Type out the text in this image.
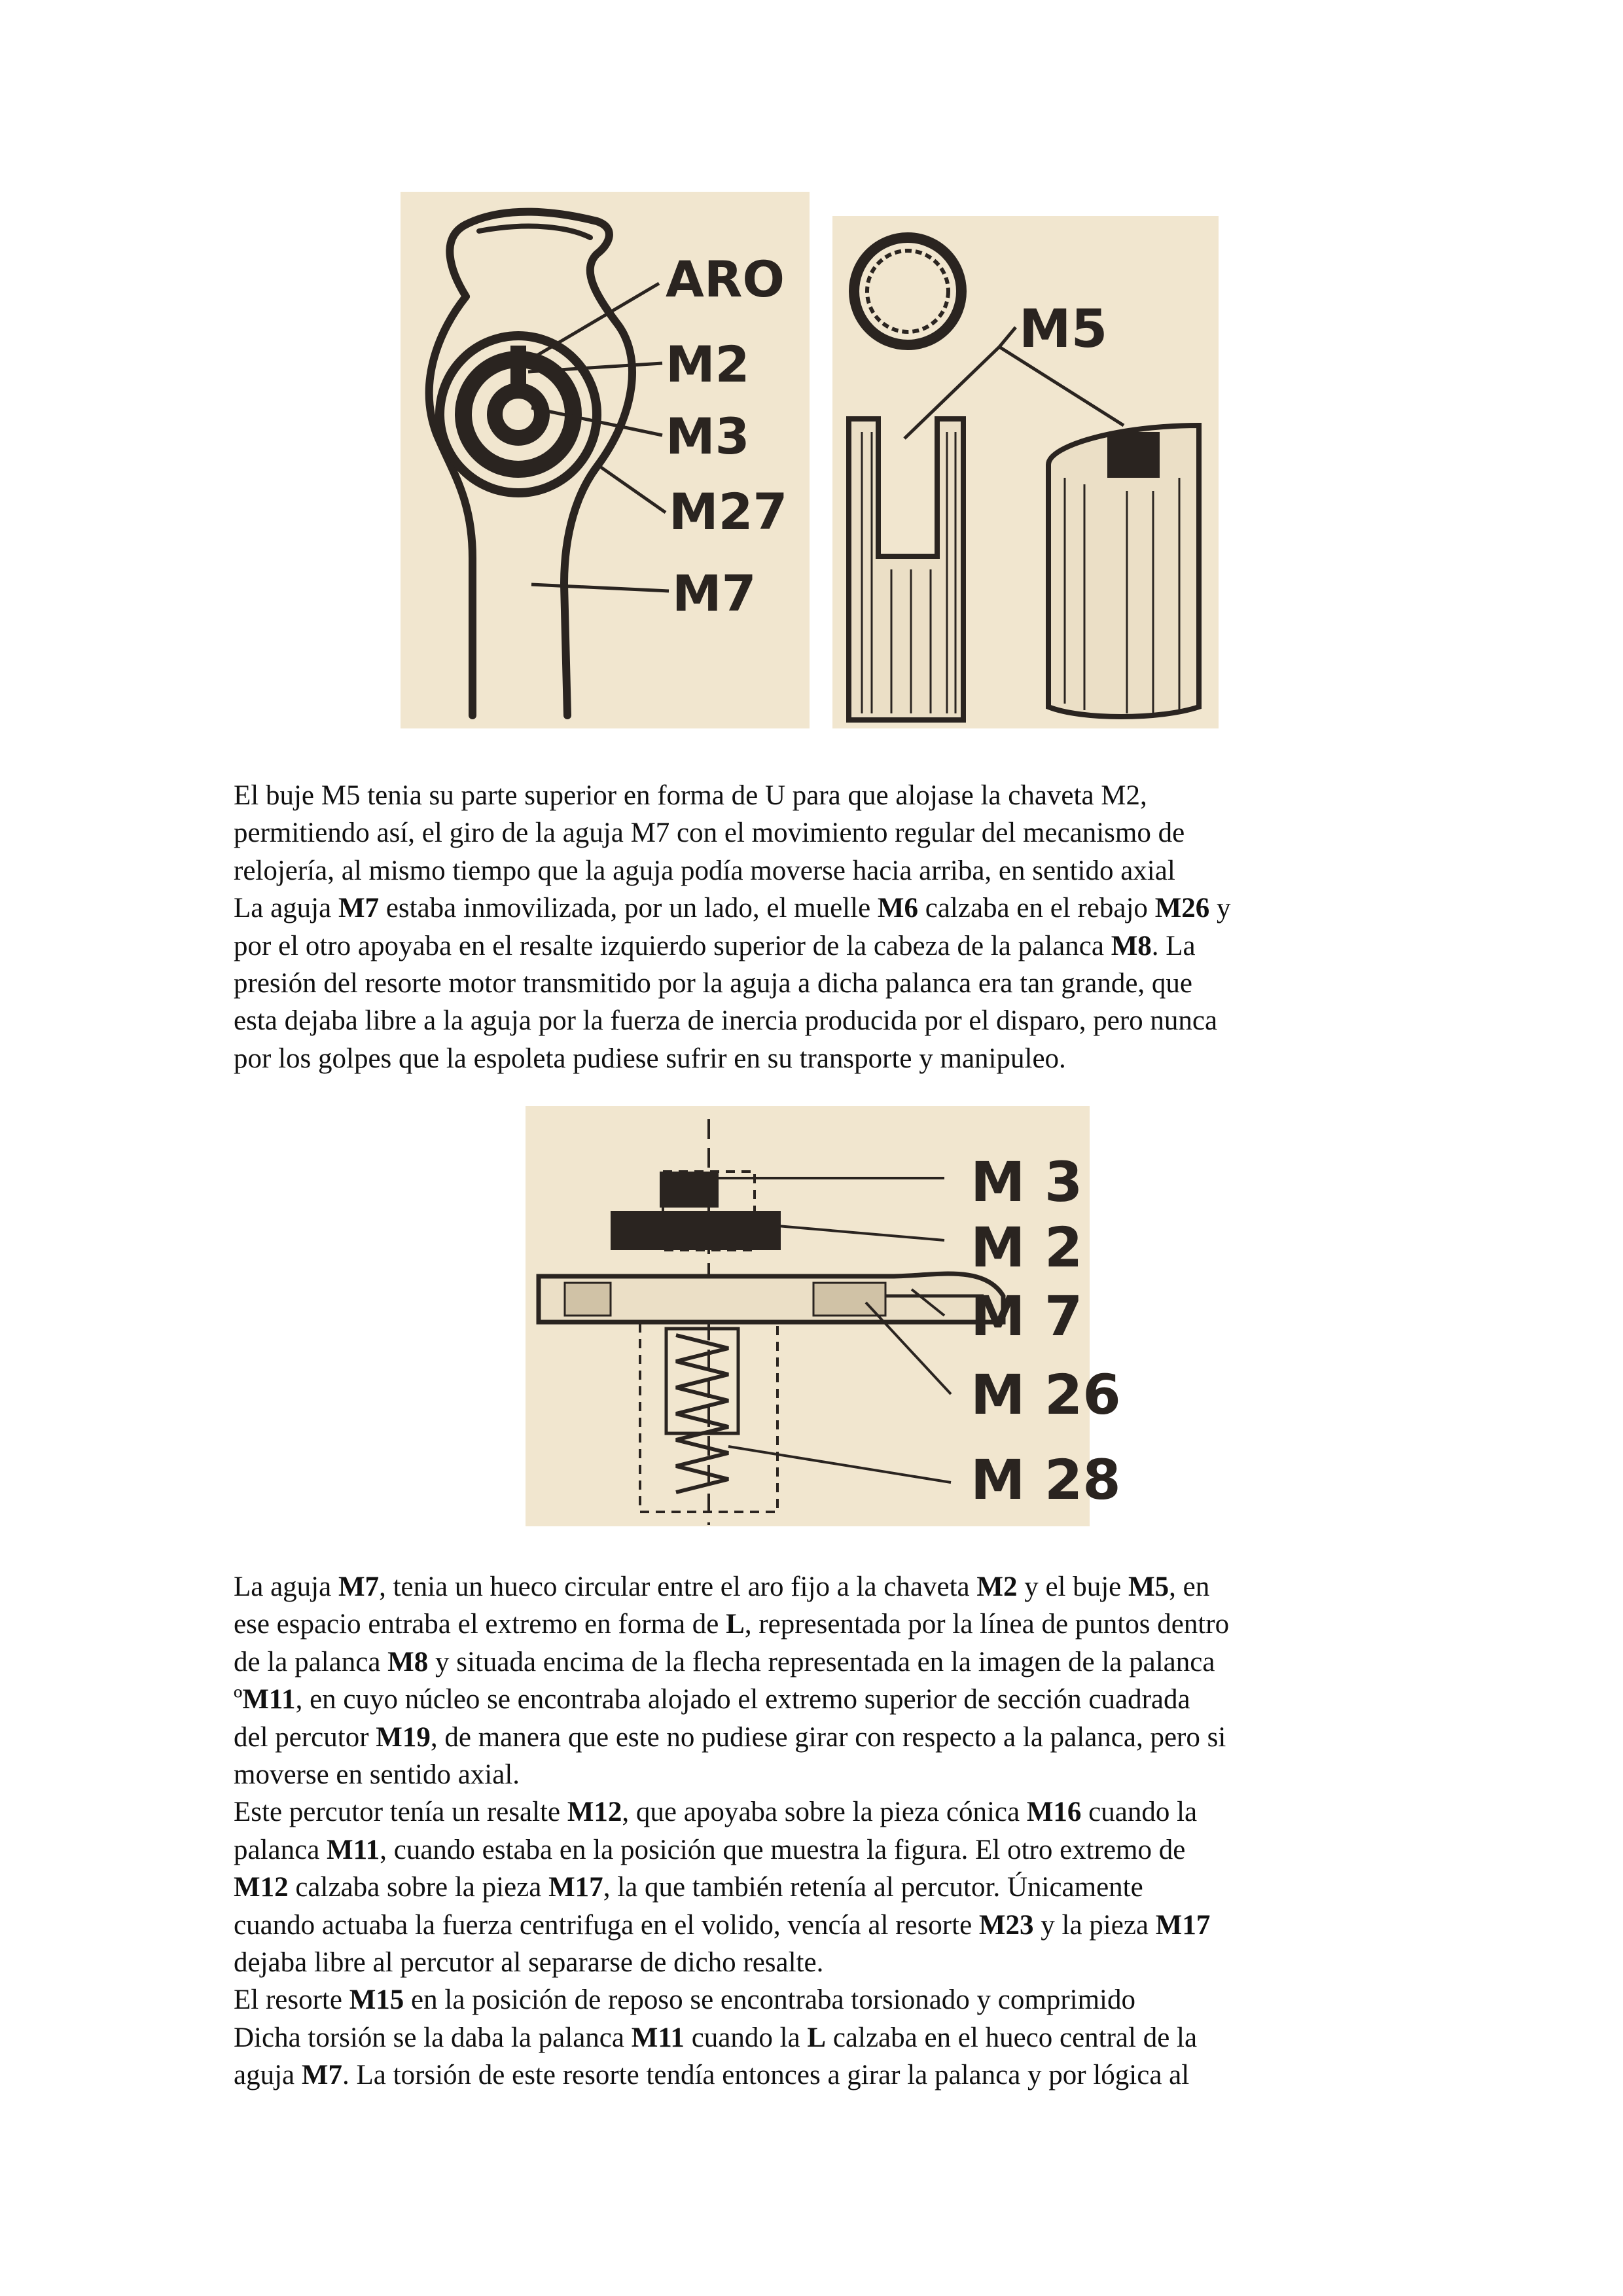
ARO
M2
M3
M27
M7
M5

El buje M5 tenia su parte superior en forma de U para que alojase la chaveta M2,

permitiendo así, el giro de la aguja M7 con el movimiento regular del mecanismo de

relojería, al mismo tiempo que la aguja podía moverse hacia arriba, en sentido axial

La aguja M7 estaba inmovilizada, por un lado, el muelle M6 calzaba en el rebajo M26 y

por el otro apoyaba en el resalte izquierdo superior de la cabeza de la palanca M8. La

presión del resorte motor transmitido por la aguja a dicha palanca era tan grande, que

esta dejaba libre a la aguja por la fuerza de inercia producida por el disparo, pero nunca

por los golpes que la espoleta pudiese sufrir en su transporte y manipuleo.

M 3
M 2
M 7
M 26
M 28

La aguja M7, tenia un hueco circular entre el aro fijo a la chaveta M2 y el buje M5, en

ese espacio entraba el extremo en forma de L, representada por la línea de puntos dentro

de la palanca M8 y situada encima de la flecha representada en la imagen de la palanca

ºM11, en cuyo núcleo se encontraba alojado el extremo superior de sección cuadrada

del percutor M19, de manera que este no pudiese girar con respecto a la palanca, pero si

moverse en sentido axial.

Este percutor tenía un resalte M12, que apoyaba sobre la pieza cónica M16 cuando la

palanca M11, cuando estaba en la posición que muestra la figura. El otro extremo de

M12 calzaba sobre la pieza M17, la que también retenía al percutor. Únicamente

cuando actuaba la fuerza centrifuga en el volido, vencía al resorte M23 y la pieza M17

dejaba libre al percutor al separarse de dicho resalte.

El resorte M15 en la posición de reposo se encontraba torsionado y comprimido

Dicha torsión se la daba la palanca M11 cuando la L calzaba en el hueco central de la

aguja M7. La torsión de este resorte tendía entonces a girar la palanca y por lógica al
